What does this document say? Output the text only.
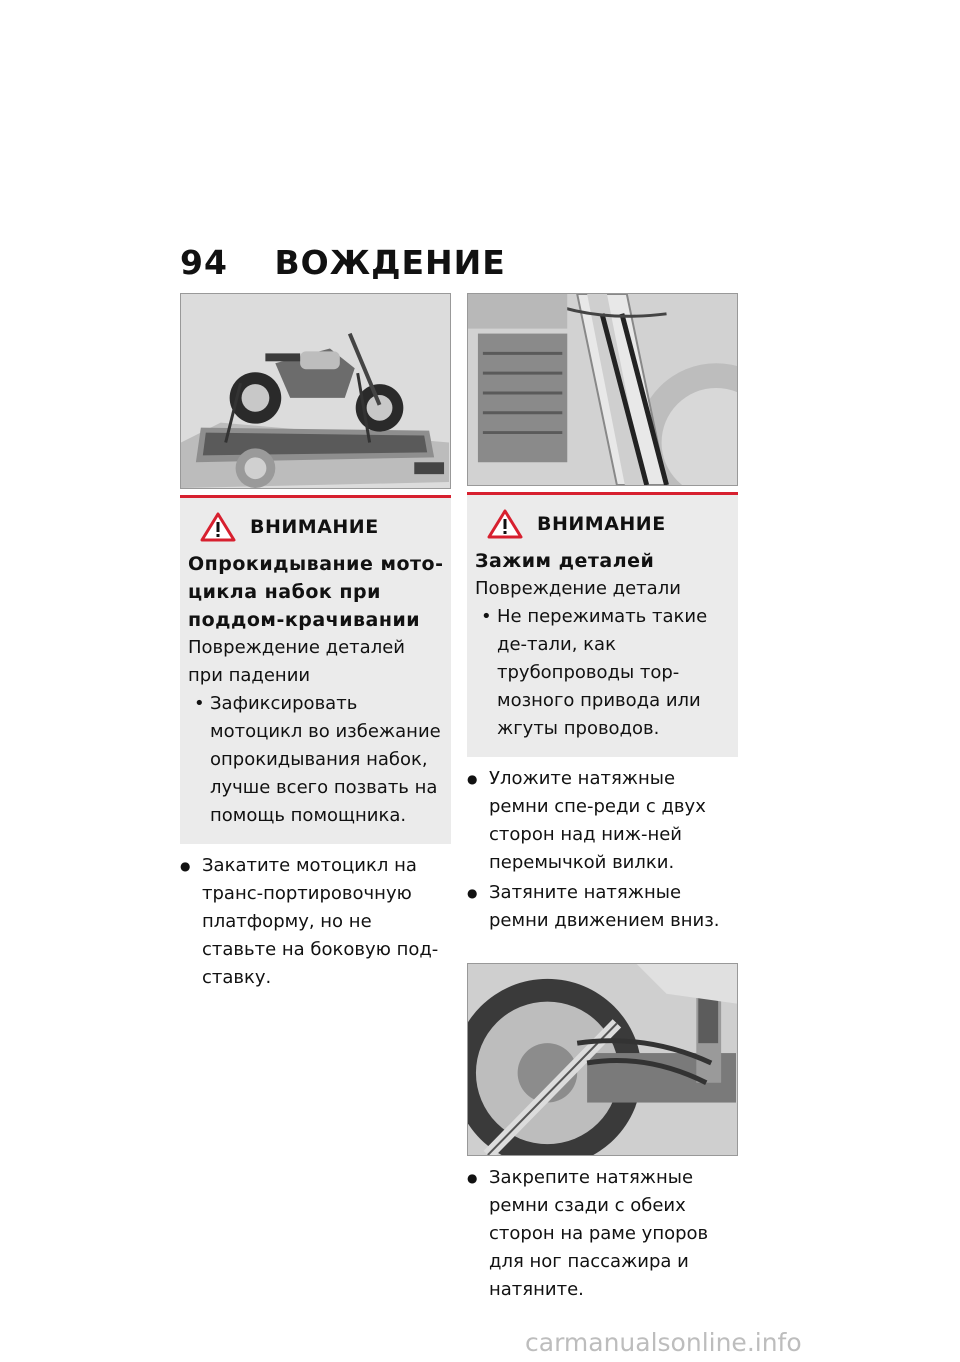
94 ВОЖДЕНИЕ
ВНИМАНИЕ
Опрокидывание мото-цикла набок при поддом-крачивании
Повреждение деталей при падении
• Зафиксировать мотоцикл во избежание опрокидывания набок, лучше всего позвать на помощь помощника.
● Закатите мотоцикл на транс-портировочную платформу, но не ставьте на боковую под-ставку.
ВНИМАНИЕ
Зажим деталей
Повреждение детали
• Не пережимать такие де-тали, как трубопроводы тор-мозного привода или жгуты проводов.
● Уложите натяжные ремни спе-реди с двух сторон над ниж-ней перемычкой вилки.
● Затяните натяжные ремни движением вниз.
● Закрепите натяжные ремни сзади с обеих сторон на раме упоров для ног пассажира и натяните.
carmanualsonline.info
